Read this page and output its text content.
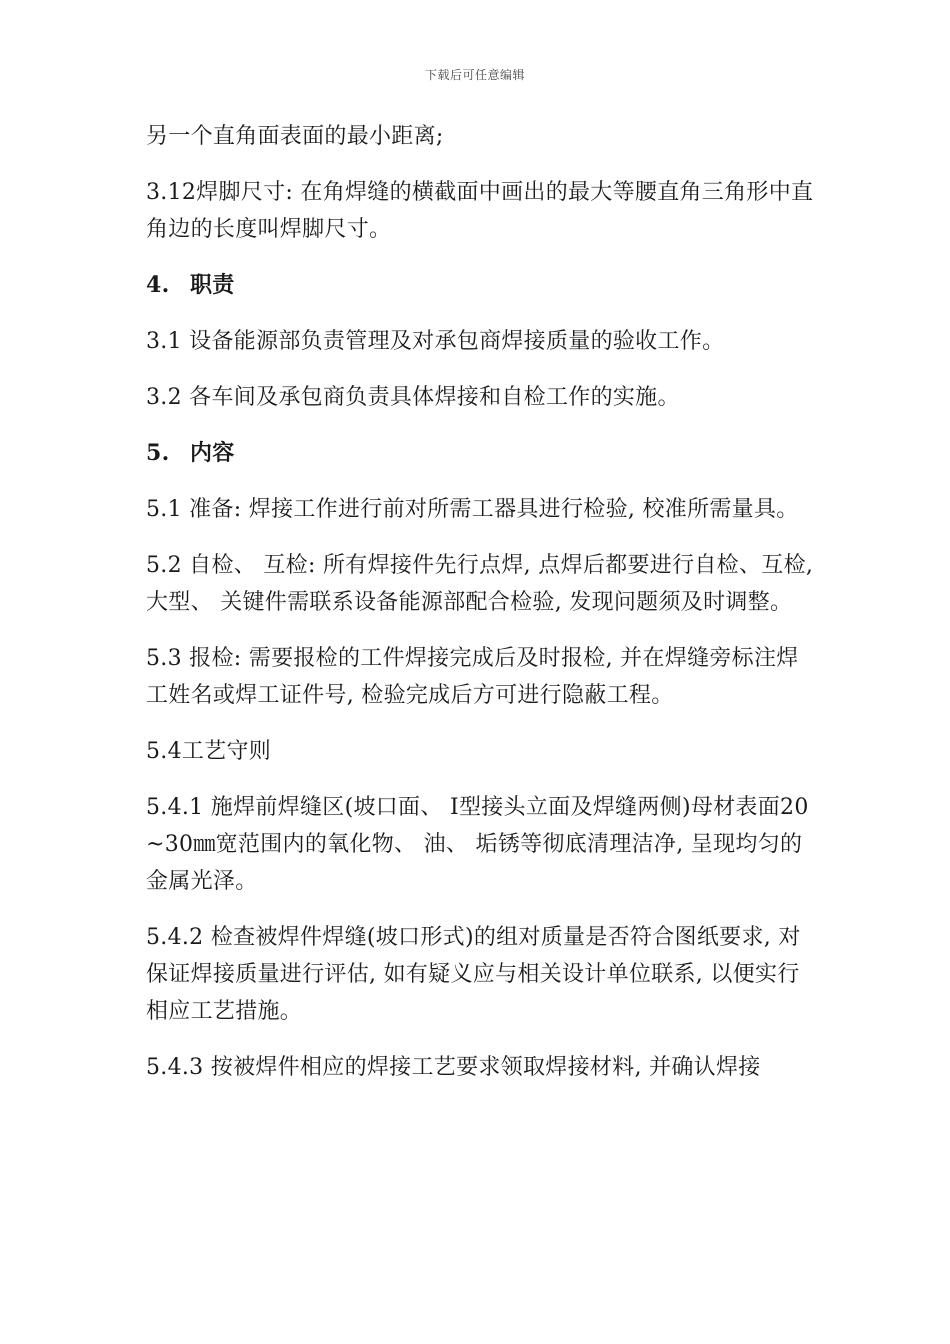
下载后可任意编辑

另一个直角面表面的最小距离;

3.12焊脚尺寸: 在角焊缝的横截面中画出的最大等腰直角三角形中直角边的长度叫焊脚尺寸。

4. 职责

3.1 设备能源部负责管理及对承包商焊接质量的验收工作。

3.2 各车间及承包商负责具体焊接和自检工作的实施。

5. 内容

5.1 准备: 焊接工作进行前对所需工器具进行检验, 校准所需量具。

5.2 自检、 互检: 所有焊接件先行点焊, 点焊后都要进行自检、互检, 大型、 关键件需联系设备能源部配合检验, 发现问题须及时调整。

5.3 报检: 需要报检的工件焊接完成后及时报检, 并在焊缝旁标注焊工姓名或焊工证件号, 检验完成后方可进行隐蔽工程。

5.4工艺守则

5.4.1 施焊前焊缝区(坡口面、 I型接头立面及焊缝两侧)母材表面20~30㎜宽范围内的氧化物、 油、 垢锈等彻底清理洁净, 呈现均匀的金属光泽。

5.4.2 检查被焊件焊缝(坡口形式)的组对质量是否符合图纸要求, 对保证焊接质量进行评估, 如有疑义应与相关设计单位联系, 以便实行相应工艺措施。

5.4.3 按被焊件相应的焊接工艺要求领取焊接材料, 并确认焊接
